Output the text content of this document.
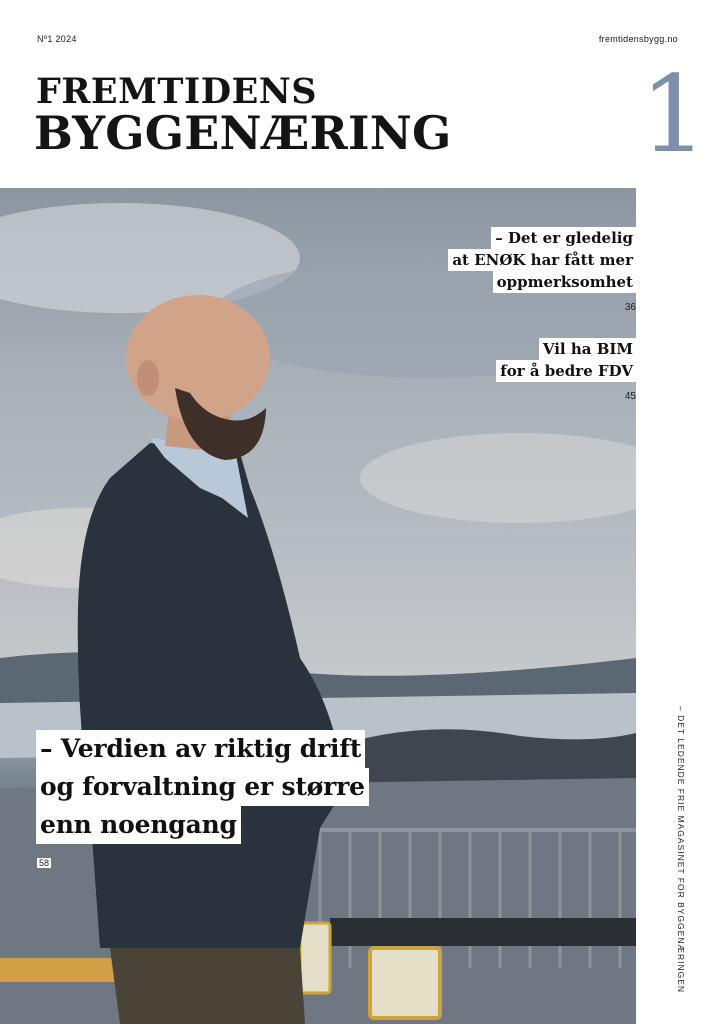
Nº1 2024	fremtidensbygg.no
FREMTIDENS
BYGGENÆRING 1
– Det er gledelig
at ENØK har fått mer
oppmerksomhet
36
Vil ha BIM
for å bedre FDV
45
– Verdien av riktig drift
og forvaltning er større
enn noengang
58	– DET LEDENDE FRIE MAGASINET FOR BYGGENÆRINGEN
